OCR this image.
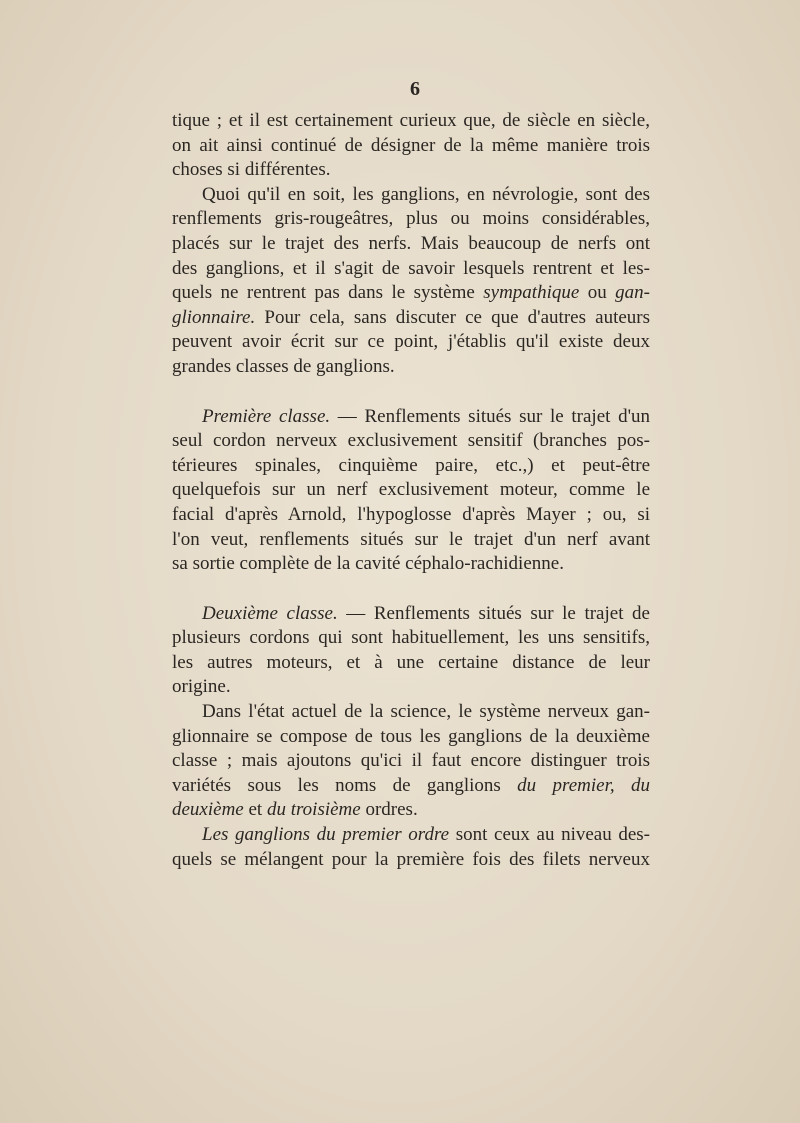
6
tique ; et il est certainement curieux que, de siècle en siècle,
on ait ainsi continué de désigner de la même manière trois
choses si différentes.
Quoi qu'il en soit, les ganglions, en névrologie, sont des
renflements gris-rougeâtres, plus ou moins considérables,
placés sur le trajet des nerfs. Mais beaucoup de nerfs ont
des ganglions, et il s'agit de savoir lesquels rentrent et les-
quels ne rentrent pas dans le système sympathique ou gan-
glionnaire. Pour cela, sans discuter ce que d'autres auteurs
peuvent avoir écrit sur ce point, j'établis qu'il existe deux
grandes classes de ganglions.
Première classe. — Renflements situés sur le trajet d'un
seul cordon nerveux exclusivement sensitif (branches pos-
térieures spinales, cinquième paire, etc.,) et peut-être
quelquefois sur un nerf exclusivement moteur, comme le
facial d'après Arnold, l'hypoglosse d'après Mayer ; ou, si
l'on veut, renflements situés sur le trajet d'un nerf avant
sa sortie complète de la cavité céphalo-rachidienne.
Deuxième classe. — Renflements situés sur le trajet de
plusieurs cordons qui sont habituellement, les uns sensitifs,
les autres moteurs, et à une certaine distance de leur
origine.
Dans l'état actuel de la science, le système nerveux gan-
glionnaire se compose de tous les ganglions de la deuxième
classe ; mais ajoutons qu'ici il faut encore distinguer trois
variétés sous les noms de ganglions du premier, du
deuxième et du troisième ordres.
Les ganglions du premier ordre sont ceux au niveau des-
quels se mélangent pour la première fois des filets nerveux
